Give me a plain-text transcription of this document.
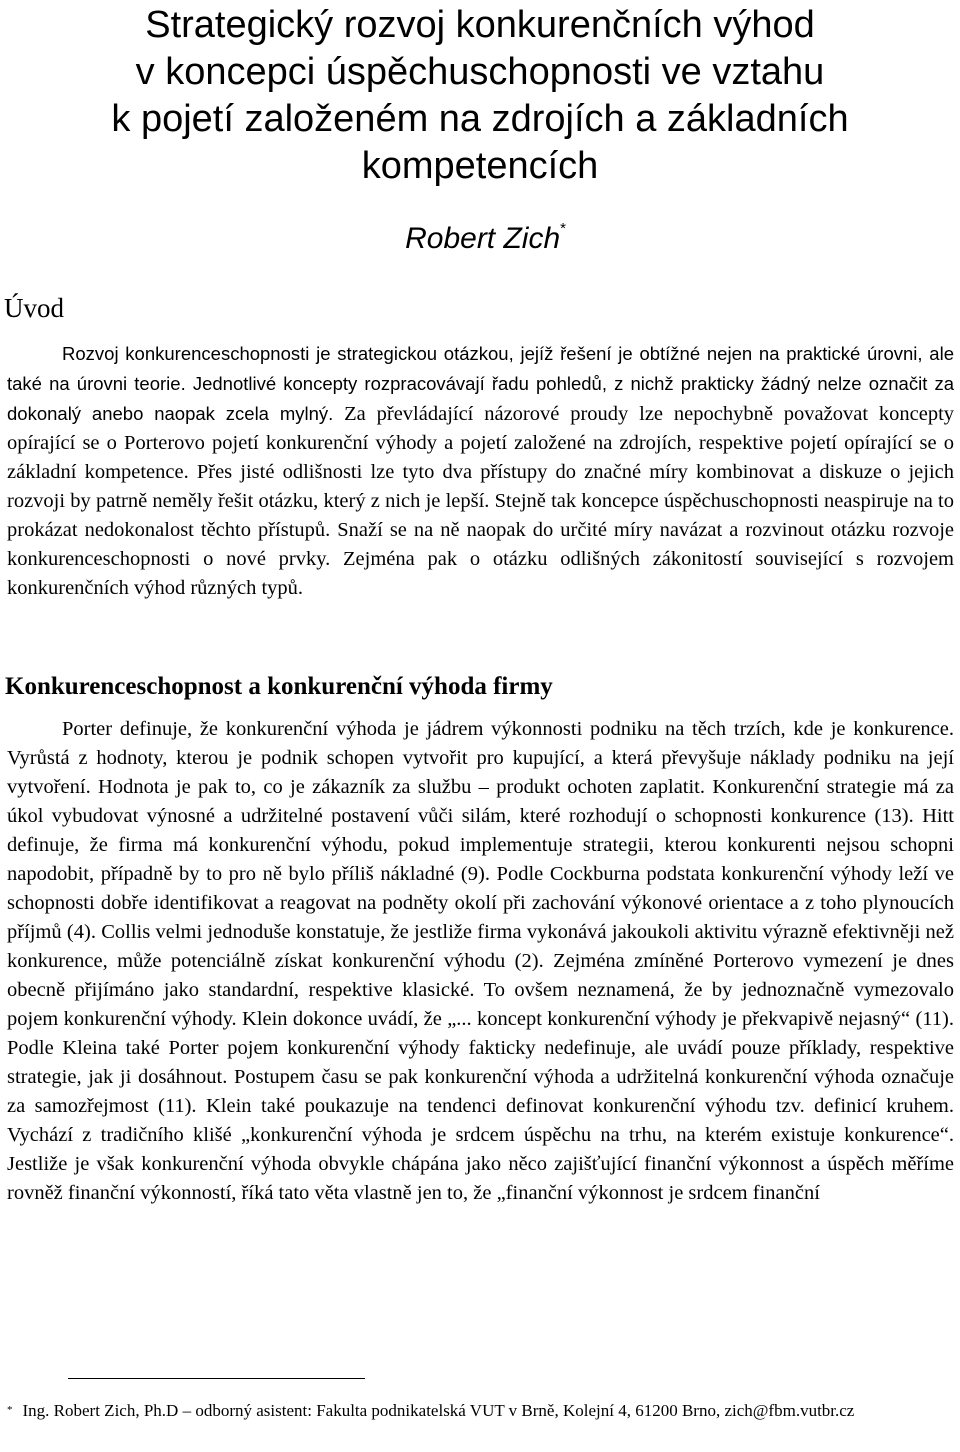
Strategický rozvoj konkurenčních výhod
v koncepci úspěchuschopnosti ve vztahu
k pojetí založeném na zdrojích a základních
kompetencích
Robert Zich*
Úvod

Rozvoj konkurenceschopnosti je strategickou otázkou, jejíž řešení je obtížné nejen na praktické úrovni, ale také na úrovni teorie. Jednotlivé koncepty rozpracovávají řadu pohledů, z nichž prakticky žádný nelze označit za dokonalý anebo naopak zcela mylný. Za převládající názorové proudy lze nepochybně považovat koncepty opírající se o Porterovo pojetí konkurenční výhody a pojetí založené na zdrojích, respektive pojetí opírající se o základní kompetence. Přes jisté odlišnosti lze tyto dva přístupy do značné míry kombinovat a diskuze o jejich rozvoji by patrně neměly řešit otázku, který z nich je lepší. Stejně tak koncepce úspěchuschopnosti neaspiruje na to prokázat nedokonalost těchto přístupů. Snaží se na ně naopak do určité míry navázat a rozvinout otázku rozvoje konkurenceschopnosti o nové prvky. Zejména pak o otázku odlišných zákonitostí související s rozvojem konkurenčních výhod různých typů.

Konkurenceschopnost a konkurenční výhoda firmy

Porter definuje, že konkurenční výhoda je jádrem výkonnosti podniku na těch trzích, kde je konkurence. Vyrůstá z hodnoty, kterou je podnik schopen vytvořit pro kupující, a která převyšuje náklady podniku na její vytvoření. Hodnota je pak to, co je zákazník za službu – produkt ochoten zaplatit. Konkurenční strategie má za úkol vybudovat výnosné a udržitelné postavení vůči silám, které rozhodují o schopnosti konkurence (13). Hitt definuje, že firma má konkurenční výhodu, pokud implementuje strategii, kterou konkurenti nejsou schopni napodobit, případně by to pro ně bylo příliš nákladné (9). Podle Cockburna podstata konkurenční výhody leží ve schopnosti dobře identifikovat a reagovat na podněty okolí při zachování výkonové orientace a z toho plynoucích příjmů (4). Collis velmi jednoduše konstatuje, že jestliže firma vykonává jakoukoli aktivitu výrazně efektivněji než konkurence, může potenciálně získat konkurenční výhodu (2). Zejména zmíněné Porterovo vymezení je dnes obecně přijímáno jako standardní, respektive klasické. To ovšem neznamená, že by jednoznačně vymezovalo pojem konkurenční výhody. Klein dokonce uvádí, že „... koncept konkurenční výhody je překvapivě nejasný“ (11). Podle Kleina také Porter pojem konkurenční výhody fakticky nedefinuje, ale uvádí pouze příklady, respektive strategie, jak ji dosáhnout. Postupem času se pak konkurenční výhoda a udržitelná konkurenční výhoda označuje za samozřejmost (11). Klein také poukazuje na tendenci definovat konkurenční výhodu tzv. definicí kruhem. Vychází z tradičního klišé „konkurenční výhoda je srdcem úspěchu na trhu, na kterém existuje konkurence“. Jestliže je však konkurenční výhoda obvykle chápána jako něco zajišťující finanční výkonnost a úspěch měříme rovněž finanční výkonností, říká tato věta vlastně jen to, že „finanční výkonnost je srdcem finanční

* Ing. Robert Zich, Ph.D – odborný asistent: Fakulta podnikatelská VUT v Brně, Kolejní 4, 61200 Brno, zich@fbm.vutbr.cz
